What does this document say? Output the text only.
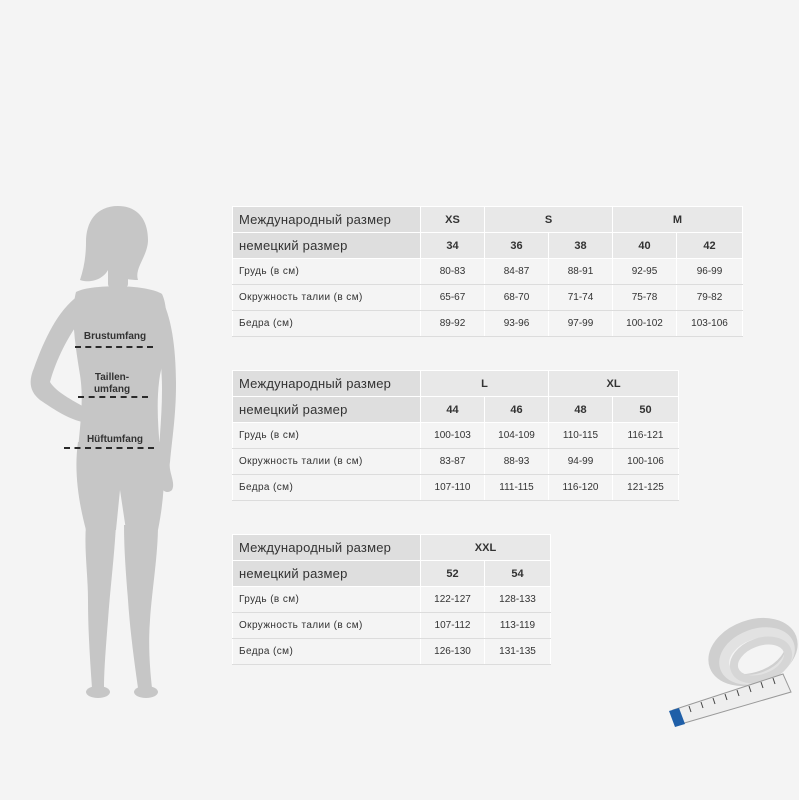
Brustumfang
Taillen-
umfang
Hüftumfang
Международный размер	XS	S		M	
немецкий размер	34	36	38	40	42
Грудь (в см)	80-83	84-87	88-91	92-95	96-99
Окружность талии (в см)	65-67	68-70	71-74	75-78	79-82
Бедра (см)	89-92	93-96	97-99	100-102	103-106
Международный размер	L		XL	
немецкий размер	44	46	48	50
Грудь (в см)	100-103	104-109	110-115	116-121
Окружность талии (в см)	83-87	88-93	94-99	100-106
Бедра (см)	107-110	111-115	116-120	121-125
Международный размер	XXL	
немецкий размер	52	54
Грудь (в см)	122-127	128-133
Окружность талии (в см)	107-112	113-119
Бедра (см)	126-130	131-135
